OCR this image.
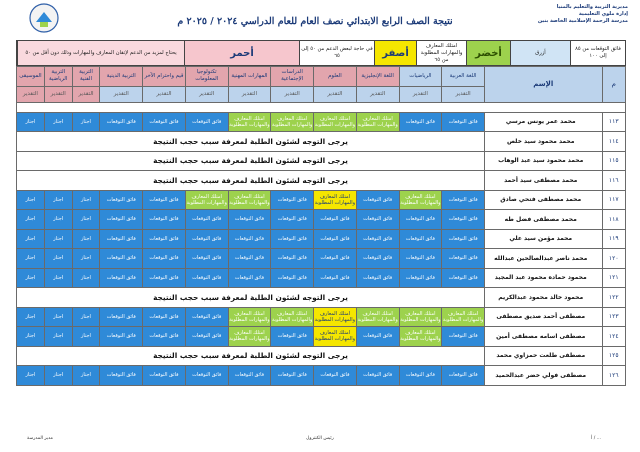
نتيجة الصف الرابع الابتدائي نصف العام للعام الدراسي ٢٠٢٤ / ٢٠٢٥ م
مديرية التربية والتعليم بالمنيا
إدارة ملوي التعليمية
مدرسة الرحمة الإسلامية الخاصة بنين
فائق التوقعات من ٨٥ إلى ١٠٠
أزرق
أخضر
امتلك المعارف والمهارات المطلوبة من ٦٥
أصفر
في حاجة لبعض الدعم من ٥٠ إلى ٦٥
أحمر
يحتاج لمزيد من الدعم لإتقان المعارف والمهارات وذلك دون أقل من ٥٠
م	الإسم	اللغة العربية	الرياضيات	اللغة الإنجليزية	العلوم	الدراسات الإجتماعية	المهارات المهنية	تكنولوجيا المعلومات	قيم واحترام الآخر	التربية الدينية	التربية الفنية	التربية الرياضية	الموسيقى
		التقدير	التقدير	التقدير	التقدير	التقدير	التقدير	التقدير	التقدير	التقدير	التقدير	التقدير	التقدير

١١٣	محمد عمر يونس مرسي	فائق التوقعات	فائق التوقعات	امتلك المعارف والمهارات المطلوبة	امتلك المعارف والمهارات المطلوبة	امتلك المعارف والمهارات المطلوبة	امتلك المعارف والمهارات المطلوبة	فائق التوقعات	فائق التوقعات	فائق التوقعات	اجتاز	اجتاز	اجتاز
١١٤	محمد محمود سيد خلص	يرجى التوجه لشئون الطلبة لمعرفة سبب حجب النتيجة											
١١٥	محمد محمود سيد عبد الوهاب	يرجى التوجه لشئون الطلبة لمعرفة سبب حجب النتيجة											
١١٦	محمد مصطفى سيد أحمد	يرجى التوجه لشئون الطلبة لمعرفة سبب حجب النتيجة											
١١٧	محمد مصطفى فتحي صادق	فائق التوقعات	امتلك المعارف والمهارات المطلوبة	فائق التوقعات	امتلك المعارف والمهارات المطلوبة	فائق التوقعات	امتلك المعارف والمهارات المطلوبة	امتلك المعارف والمهارات المطلوبة	فائق التوقعات	فائق التوقعات	اجتاز	اجتاز	اجتاز
١١٨	محمد مصطفى فضل طه	فائق التوقعات	فائق التوقعات	فائق التوقعات	فائق التوقعات	فائق التوقعات	فائق التوقعات	فائق التوقعات	فائق التوقعات	فائق التوقعات	اجتاز	اجتاز	اجتاز
١١٩	محمد مؤمن سيد علي	فائق التوقعات	فائق التوقعات	فائق التوقعات	فائق التوقعات	فائق التوقعات	فائق التوقعات	فائق التوقعات	فائق التوقعات	فائق التوقعات	اجتاز	اجتاز	اجتاز
١٢٠	محمد ناصر عبدالصالحين عبدالله	فائق التوقعات	فائق التوقعات	فائق التوقعات	فائق التوقعات	فائق التوقعات	فائق التوقعات	فائق التوقعات	فائق التوقعات	فائق التوقعات	اجتاز	اجتاز	اجتاز
١٢١	محمود حماده محمود عبد المجيد	فائق التوقعات	فائق التوقعات	فائق التوقعات	فائق التوقعات	فائق التوقعات	فائق التوقعات	فائق التوقعات	فائق التوقعات	فائق التوقعات	اجتاز	اجتاز	اجتاز
١٢٢	محمود خالد محمود عبدالكريم	يرجى التوجه لشئون الطلبة لمعرفة سبب حجب النتيجة											
١٢٣	مصطفى أحمد صديق مصطفى	امتلك المعارف والمهارات المطلوبة	امتلك المعارف والمهارات المطلوبة	امتلك المعارف والمهارات المطلوبة	امتلك المعارف والمهارات المطلوبة	امتلك المعارف والمهارات المطلوبة	امتلك المعارف والمهارات المطلوبة	فائق التوقعات	فائق التوقعات	فائق التوقعات	اجتاز	اجتاز	اجتاز
١٢٤	مصطفى اسامه مصطفى أمين	فائق التوقعات	امتلك المعارف والمهارات المطلوبة	فائق التوقعات	امتلك المعارف والمهارات المطلوبة	فائق التوقعات	امتلك المعارف والمهارات المطلوبة	فائق التوقعات	فائق التوقعات	فائق التوقعات	اجتاز	اجتاز	اجتاز
١٢٥	مصطفى طلعت حمزاوي محمد	يرجى التوجه لشئون الطلبة لمعرفة سبب حجب النتيجة											
١٢٦	مصطفى فولي خضر عبدالحميد	فائق التوقعات	فائق التوقعات	فائق التوقعات	فائق التوقعات	فائق التوقعات	فائق التوقعات	فائق التوقعات	فائق التوقعات	فائق التوقعات	اجتاز	اجتاز	اجتاز
أ / ...
رئيس الكنترول
مدير المدرسة
